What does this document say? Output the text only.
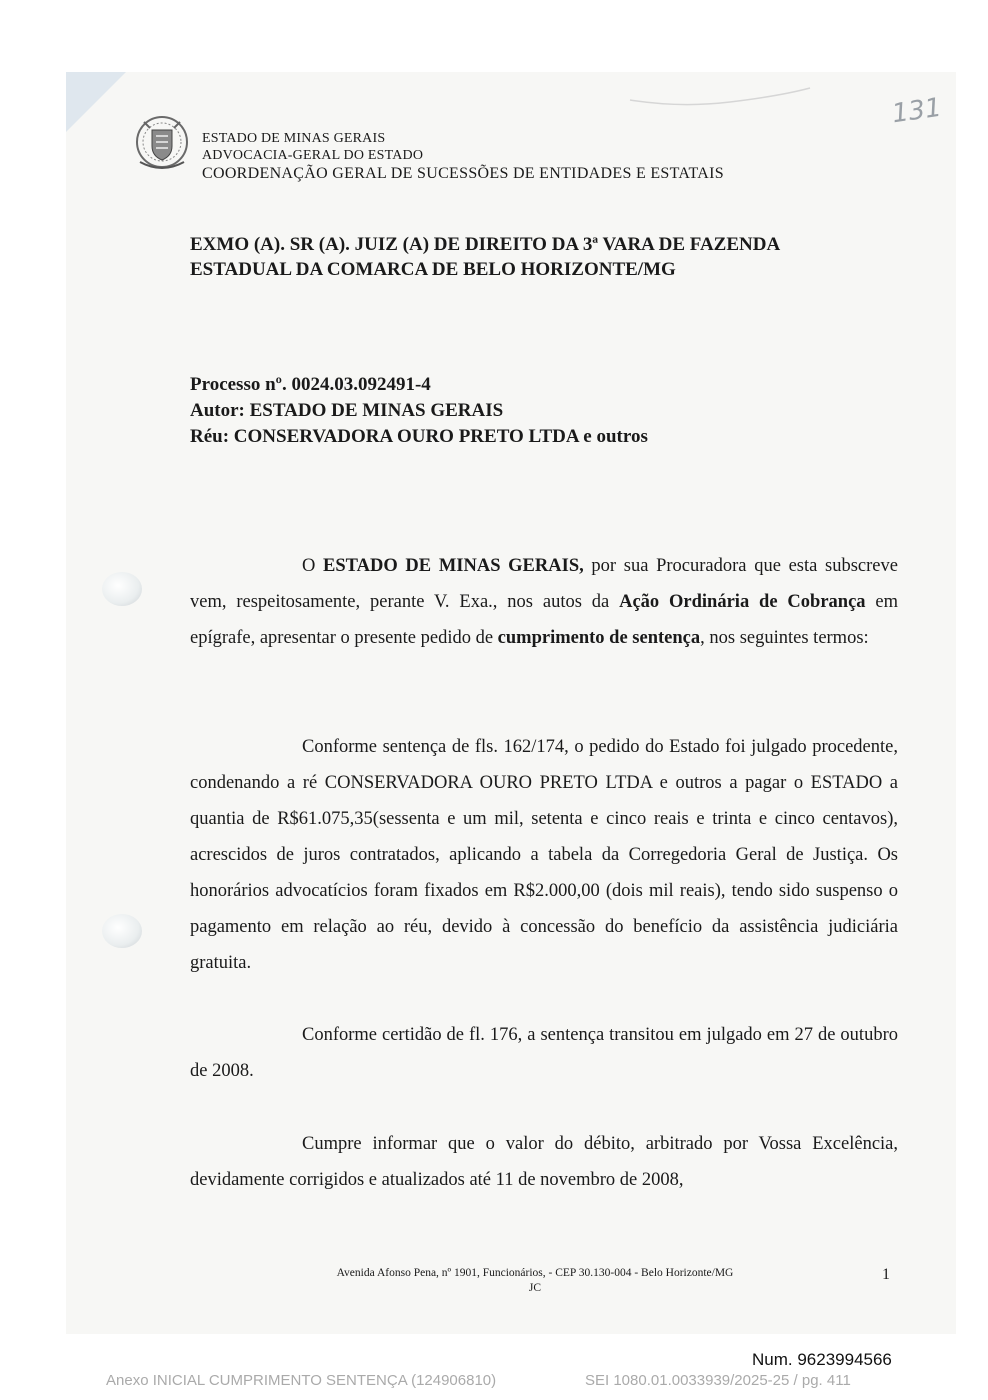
131
ESTADO DE MINAS GERAIS
ADVOCACIA-GERAL DO ESTADO
COORDENAÇÃO GERAL DE SUCESSÕES DE ENTIDADES E ESTATAIS
EXMO (A). SR (A). JUIZ (A) DE DIREITO DA 3ª VARA DE FAZENDA
ESTADUAL DA COMARCA DE BELO HORIZONTE/MG
Processo nº. 0024.03.092491-4
Autor: ESTADO DE MINAS GERAIS
Réu: CONSERVADORA OURO PRETO LTDA e outros
O ESTADO DE MINAS GERAIS, por sua Procuradora que esta subscreve vem, respeitosamente, perante V. Exa., nos autos da Ação Ordinária de Cobrança em epígrafe, apresentar o presente pedido de cumprimento de sentença, nos seguintes termos:
Conforme sentença de fls. 162/174, o pedido do Estado foi julgado procedente, condenando a ré CONSERVADORA OURO PRETO LTDA e outros a pagar o ESTADO a quantia de R$61.075,35(sessenta e um mil, setenta e cinco reais e trinta e cinco centavos), acrescidos de juros contratados, aplicando a tabela da Corregedoria Geral de Justiça. Os honorários advocatícios foram fixados em R$2.000,00 (dois mil reais), tendo sido suspenso o pagamento em relação ao réu, devido à concessão do benefício da assistência judiciária gratuita.
Conforme certidão de fl. 176, a sentença transitou em julgado em 27 de outubro de 2008.
Cumpre informar que o valor do débito, arbitrado por Vossa Excelência, devidamente corrigidos e atualizados até 11 de novembro de 2008,
Avenida Afonso Pena, nº 1901, Funcionários, - CEP 30.130-004 - Belo Horizonte/MG
JC
1
Num. 9623994566
Anexo INICIAL CUMPRIMENTO SENTENÇA (124906810)	SEI 1080.01.0033939/2025-25 / pg. 411
